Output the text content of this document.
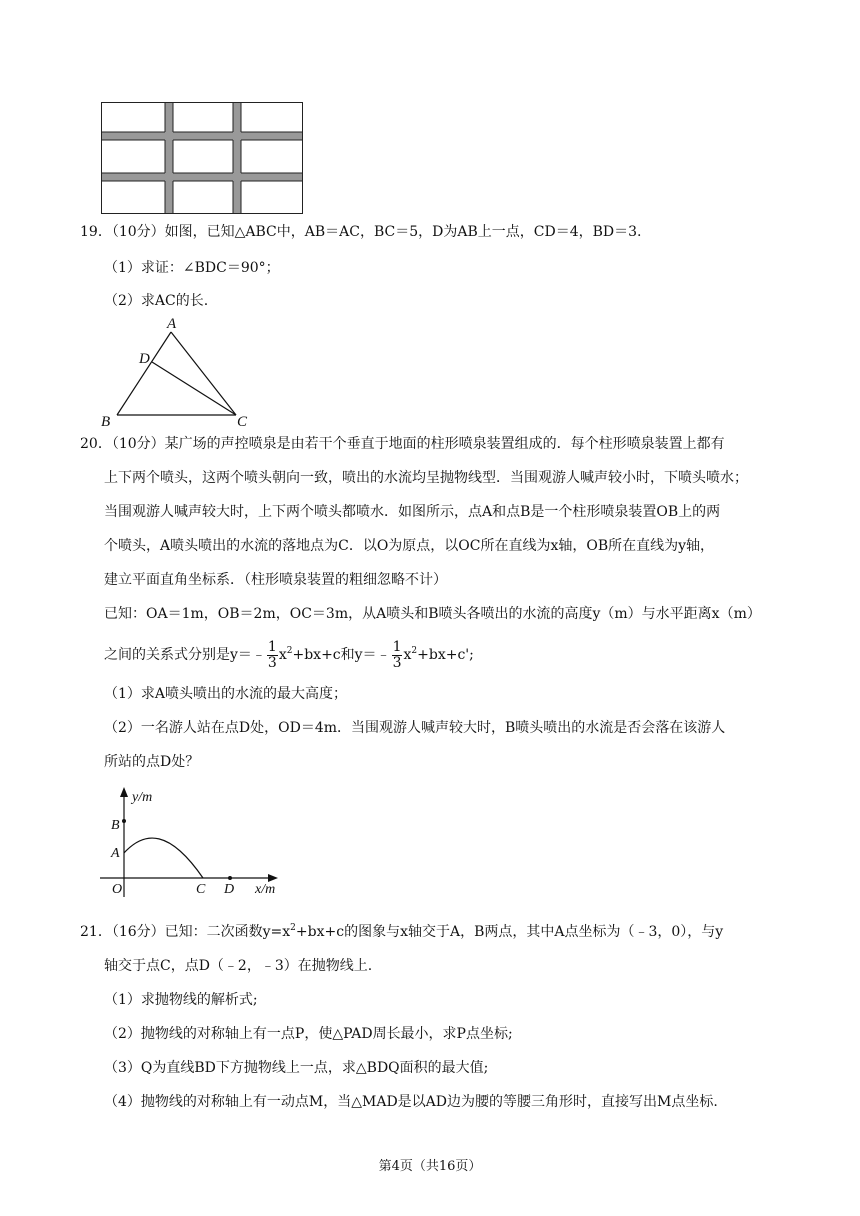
19．（10分）如图，已知△ABC中，AB＝AC，BC＝5，D为AB上一点，CD＝4，BD＝3.
（1）求证：∠BDC＝90°；
（2）求AC的长.
A
D
B	C
20．（10分）某广场的声控喷泉是由若干个垂直于地面的柱形喷泉装置组成的．每个柱形喷泉装置上都有
上下两个喷头，这两个喷头朝向一致，喷出的水流均呈抛物线型．当围观游人喊声较小时，下喷头喷水；
当围观游人喊声较大时，上下两个喷头都喷水．如图所示，点A和点B是一个柱形喷泉装置OB上的两
个喷头，A喷头喷出的水流的落地点为C．以O为原点，以OC所在直线为x轴，OB所在直线为y轴，
建立平面直角坐标系．（柱形喷泉装置的粗细忽略不计）
已知：OA＝1m，OB＝2m，OC＝3m，从A喷头和B喷头各喷出的水流的高度y（m）与水平距离x（m）
之间的关系式分别是y＝﹣ $\frac{1}{3} x^2+bx+c$和y＝﹣ $\frac{1}{3} x^2+bx+c'$;
（1）求A喷头喷出的水流的最大高度；
（2）一名游人站在点D处，OD＝4m．当围观游人喊声较大时，B喷头喷出的水流是否会落在该游人
所站的点D处？
y/m
B
A
O	C D x/m
21．（16分）已知：二次函数$y=x^2+bx+c$的图象与x轴交于A，B两点，其中A点坐标为（﹣3，0），与y
轴交于点C，点D（﹣2，﹣3）在抛物线上.
（1）求抛物线的解析式;
（2）抛物线的对称轴上有一点P，使△PAD周长最小，求P点坐标;
（3）Q为直线BD下方抛物线上一点，求△BDQ面积的最大值;
（4）抛物线的对称轴上有一动点M，当△MAD是以AD边为腰的等腰三角形时，直接写出M点坐标.
第4页（共16页）
